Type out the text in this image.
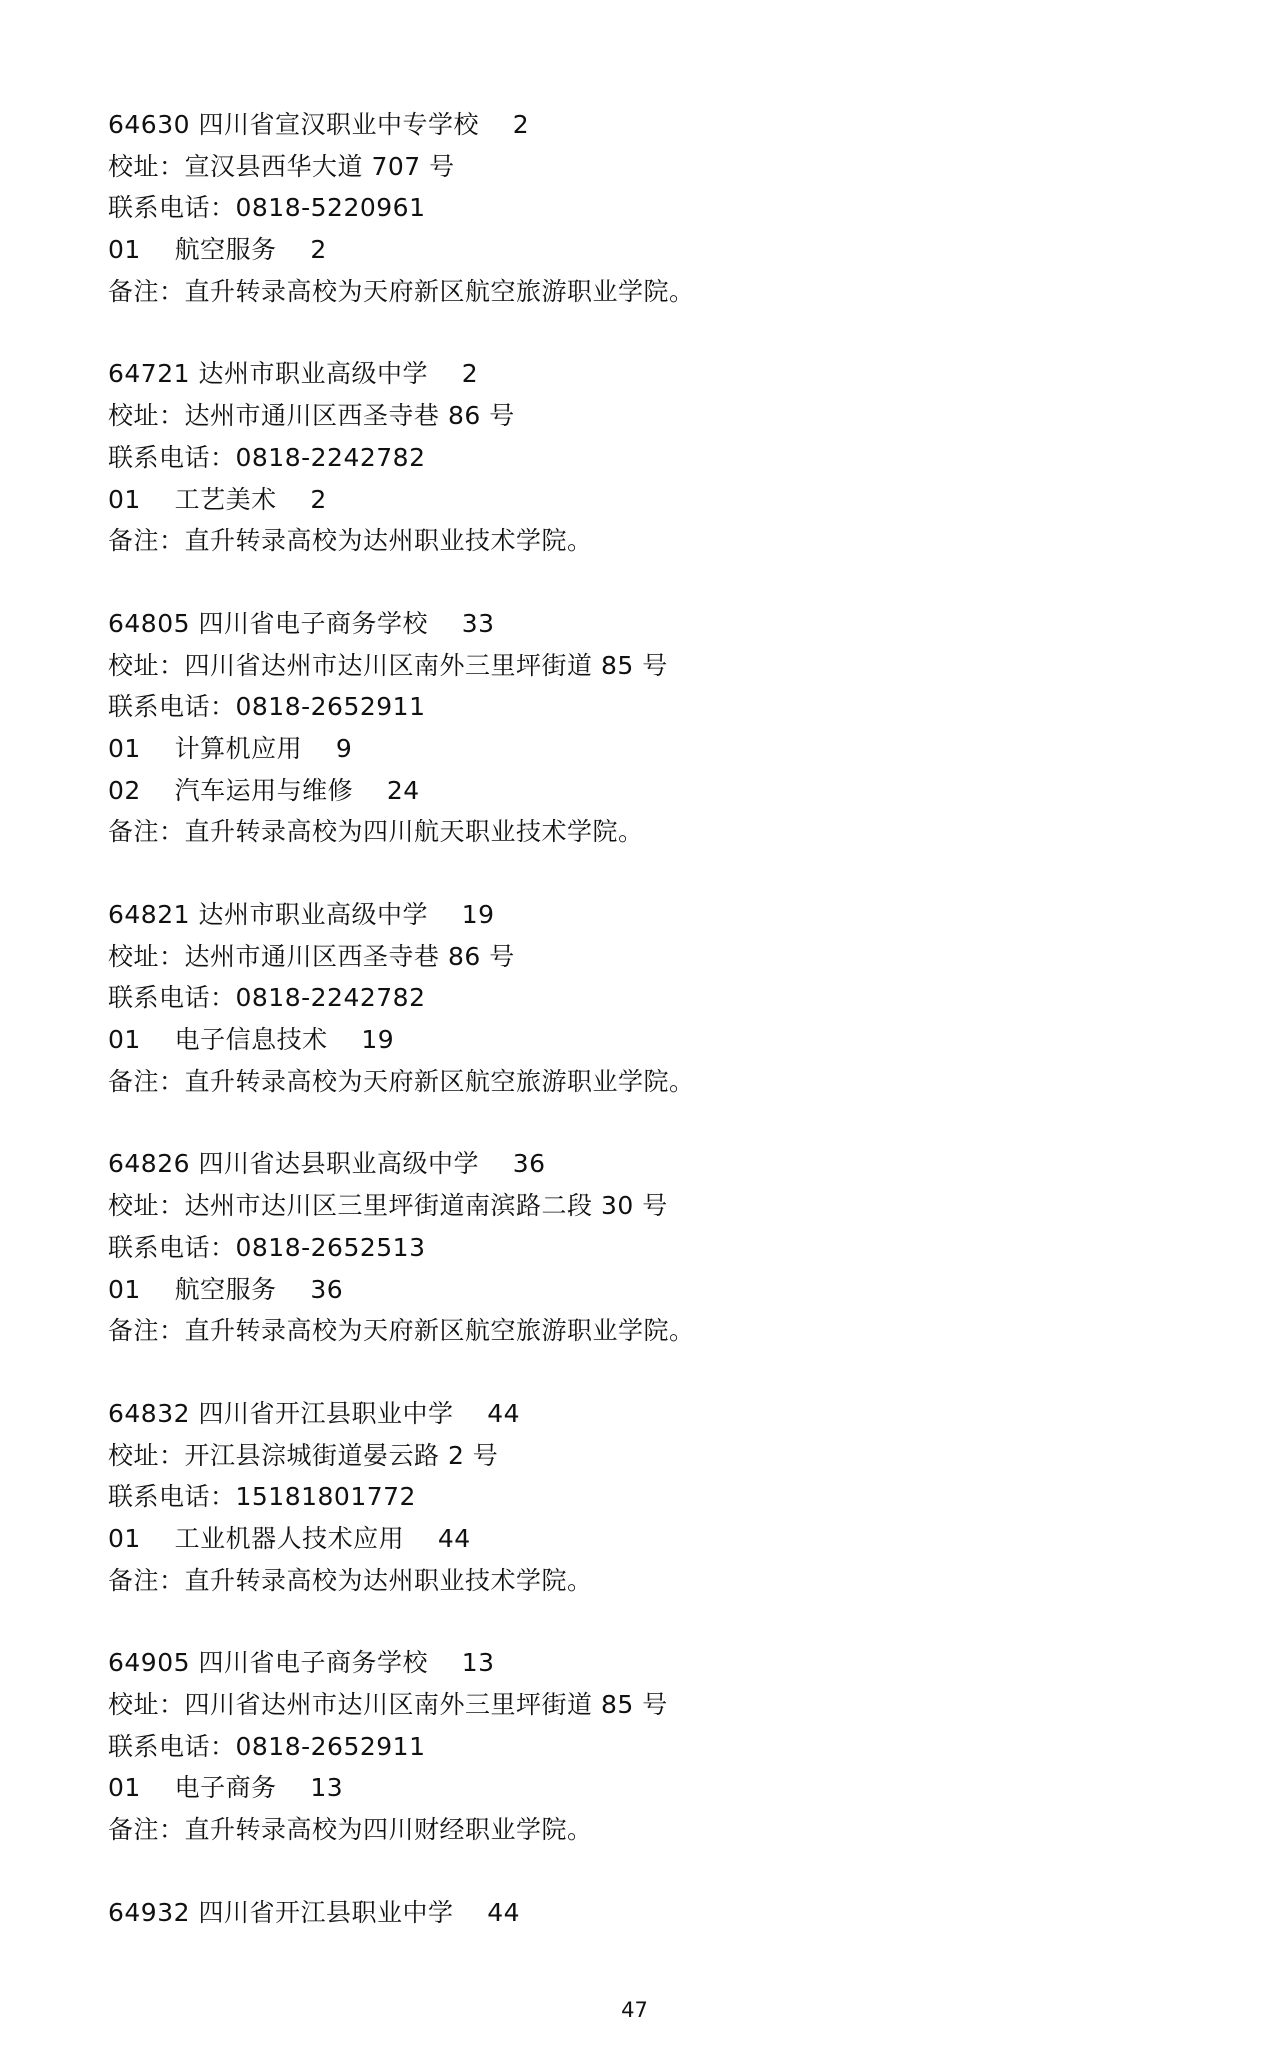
64630 四川省宣汉职业中专学校    2
校址：宣汉县西华大道 707 号
联系电话：0818-5220961
01    航空服务    2
备注：直升转录高校为天府新区航空旅游职业学院。
64721 达州市职业高级中学    2
校址：达州市通川区西圣寺巷 86 号
联系电话：0818-2242782
01    工艺美术    2
备注：直升转录高校为达州职业技术学院。
64805 四川省电子商务学校    33
校址：四川省达州市达川区南外三里坪街道 85 号
联系电话：0818-2652911
01    计算机应用    9
02    汽车运用与维修    24
备注：直升转录高校为四川航天职业技术学院。
64821 达州市职业高级中学    19
校址：达州市通川区西圣寺巷 86 号
联系电话：0818-2242782
01    电子信息技术    19
备注：直升转录高校为天府新区航空旅游职业学院。
64826 四川省达县职业高级中学    36
校址：达州市达川区三里坪街道南滨路二段 30 号
联系电话：0818-2652513
01    航空服务    36
备注：直升转录高校为天府新区航空旅游职业学院。
64832 四川省开江县职业中学    44
校址：开江县淙城街道晏云路 2 号
联系电话：15181801772
01    工业机器人技术应用    44
备注：直升转录高校为达州职业技术学院。
64905 四川省电子商务学校    13
校址：四川省达州市达川区南外三里坪街道 85 号
联系电话：0818-2652911
01    电子商务    13
备注：直升转录高校为四川财经职业学院。
64932 四川省开江县职业中学    44
47
